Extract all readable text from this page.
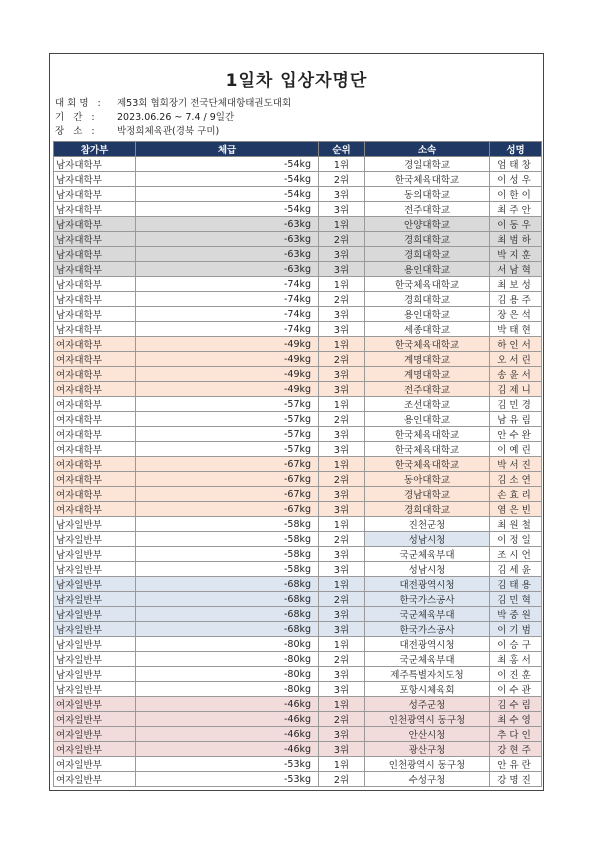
1일차 입상자명단
대회명 : 제53회 협회장기 전국단체대항태권도대회
기 간 : 2023.06.26 ~ 7.4 / 9일간
장 소 : 박정희체육관(경북 구미)
참가부	체급	순위	소속	성명
남자대학부	-54kg	1위	경일대학교	엄태창
남자대학부	-54kg	2위	한국체육대학교	이성우
남자대학부	-54kg	3위	동의대학교	이한이
남자대학부	-54kg	3위	전주대학교	최주안
남자대학부	-63kg	1위	안양대학교	이동우
남자대학부	-63kg	2위	경희대학교	최범하
남자대학부	-63kg	3위	경희대학교	박지훈
남자대학부	-63kg	3위	용인대학교	서남혁
남자대학부	-74kg	1위	한국체육대학교	최보성
남자대학부	-74kg	2위	경희대학교	김용주
남자대학부	-74kg	3위	용인대학교	장은석
남자대학부	-74kg	3위	세종대학교	박태현
여자대학부	-49kg	1위	한국체육대학교	하인서
여자대학부	-49kg	2위	계명대학교	오서린
여자대학부	-49kg	3위	계명대학교	송윤서
여자대학부	-49kg	3위	전주대학교	김제니
여자대학부	-57kg	1위	조선대학교	김민경
여자대학부	-57kg	2위	용인대학교	남유림
여자대학부	-57kg	3위	한국체육대학교	안수완
여자대학부	-57kg	3위	한국체육대학교	이예린
여자대학부	-67kg	1위	한국체육대학교	박서진
여자대학부	-67kg	2위	동아대학교	김소연
여자대학부	-67kg	3위	경남대학교	손효리
여자대학부	-67kg	3위	경희대학교	염은빈
남자일반부	-58kg	1위	진천군청	최원철
남자일반부	-58kg	2위	성남시청	이정일
남자일반부	-58kg	3위	국군체육부대	조시언
남자일반부	-58kg	3위	성남시청	김세윤
남자일반부	-68kg	1위	대전광역시청	김태용
남자일반부	-68kg	2위	한국가스공사	김민혁
남자일반부	-68kg	3위	국군체육부대	박중원
남자일반부	-68kg	3위	한국가스공사	이기범
남자일반부	-80kg	1위	대전광역시청	이승구
남자일반부	-80kg	2위	국군체육부대	최홍서
남자일반부	-80kg	3위	제주특별자치도청	이진훈
남자일반부	-80kg	3위	포항시체육회	이수관
여자일반부	-46kg	1위	성주군청	김수림
여자일반부	-46kg	2위	인천광역시 동구청	최수영
여자일반부	-46kg	3위	안산시청	추다인
여자일반부	-46kg	3위	광산구청	강현주
여자일반부	-53kg	1위	인천광역시 동구청	안유란
여자일반부	-53kg	2위	수성구청	강명진
